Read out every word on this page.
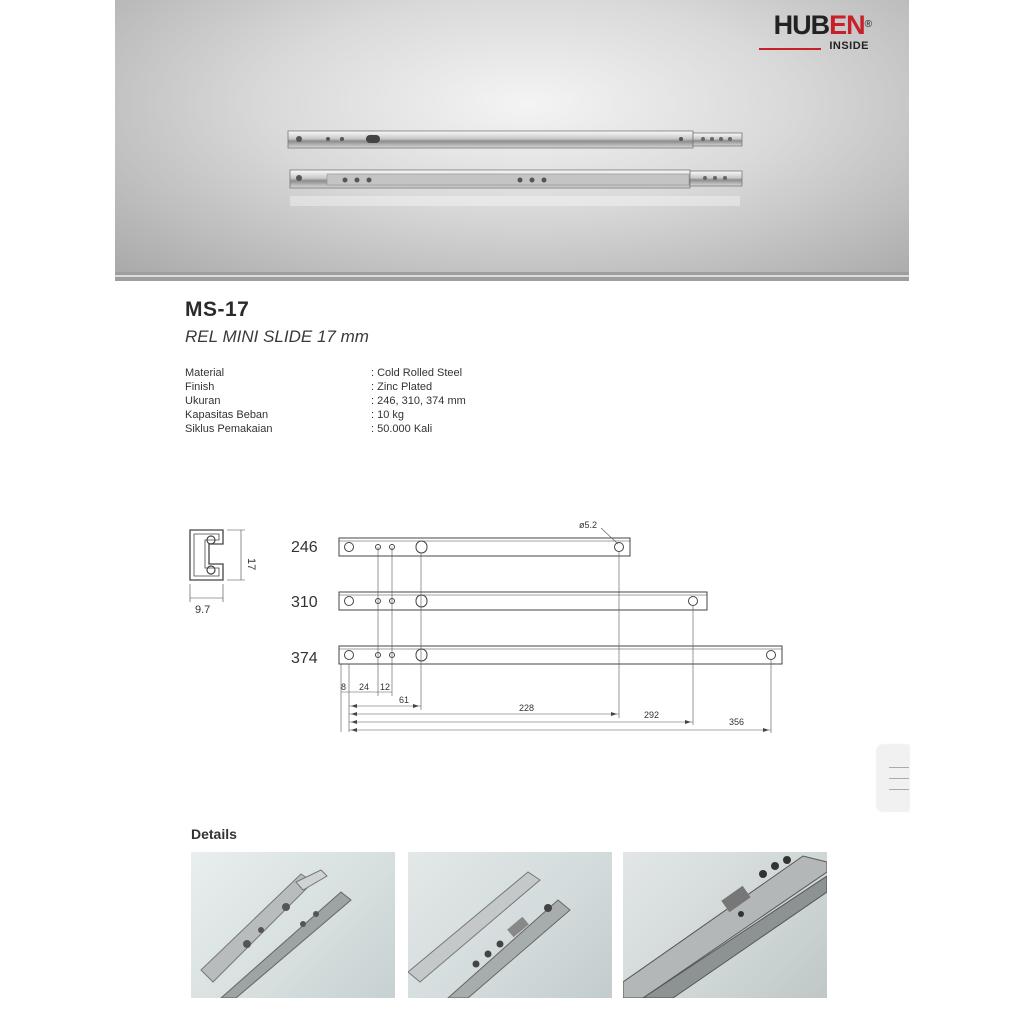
HUBEN®
INSIDE
MS-17
REL MINI SLIDE 17 mm
Material	: Cold Rolled Steel
Finish	: Zinc Plated
Ukuran	: 246, 310, 374 mm
Kapasitas Beban	: 10 kg
Siklus Pemakaian	: 50.000 Kali
17
9.7
246
310
374
ø5.2
8 24 12
61
228
292
356
Details
